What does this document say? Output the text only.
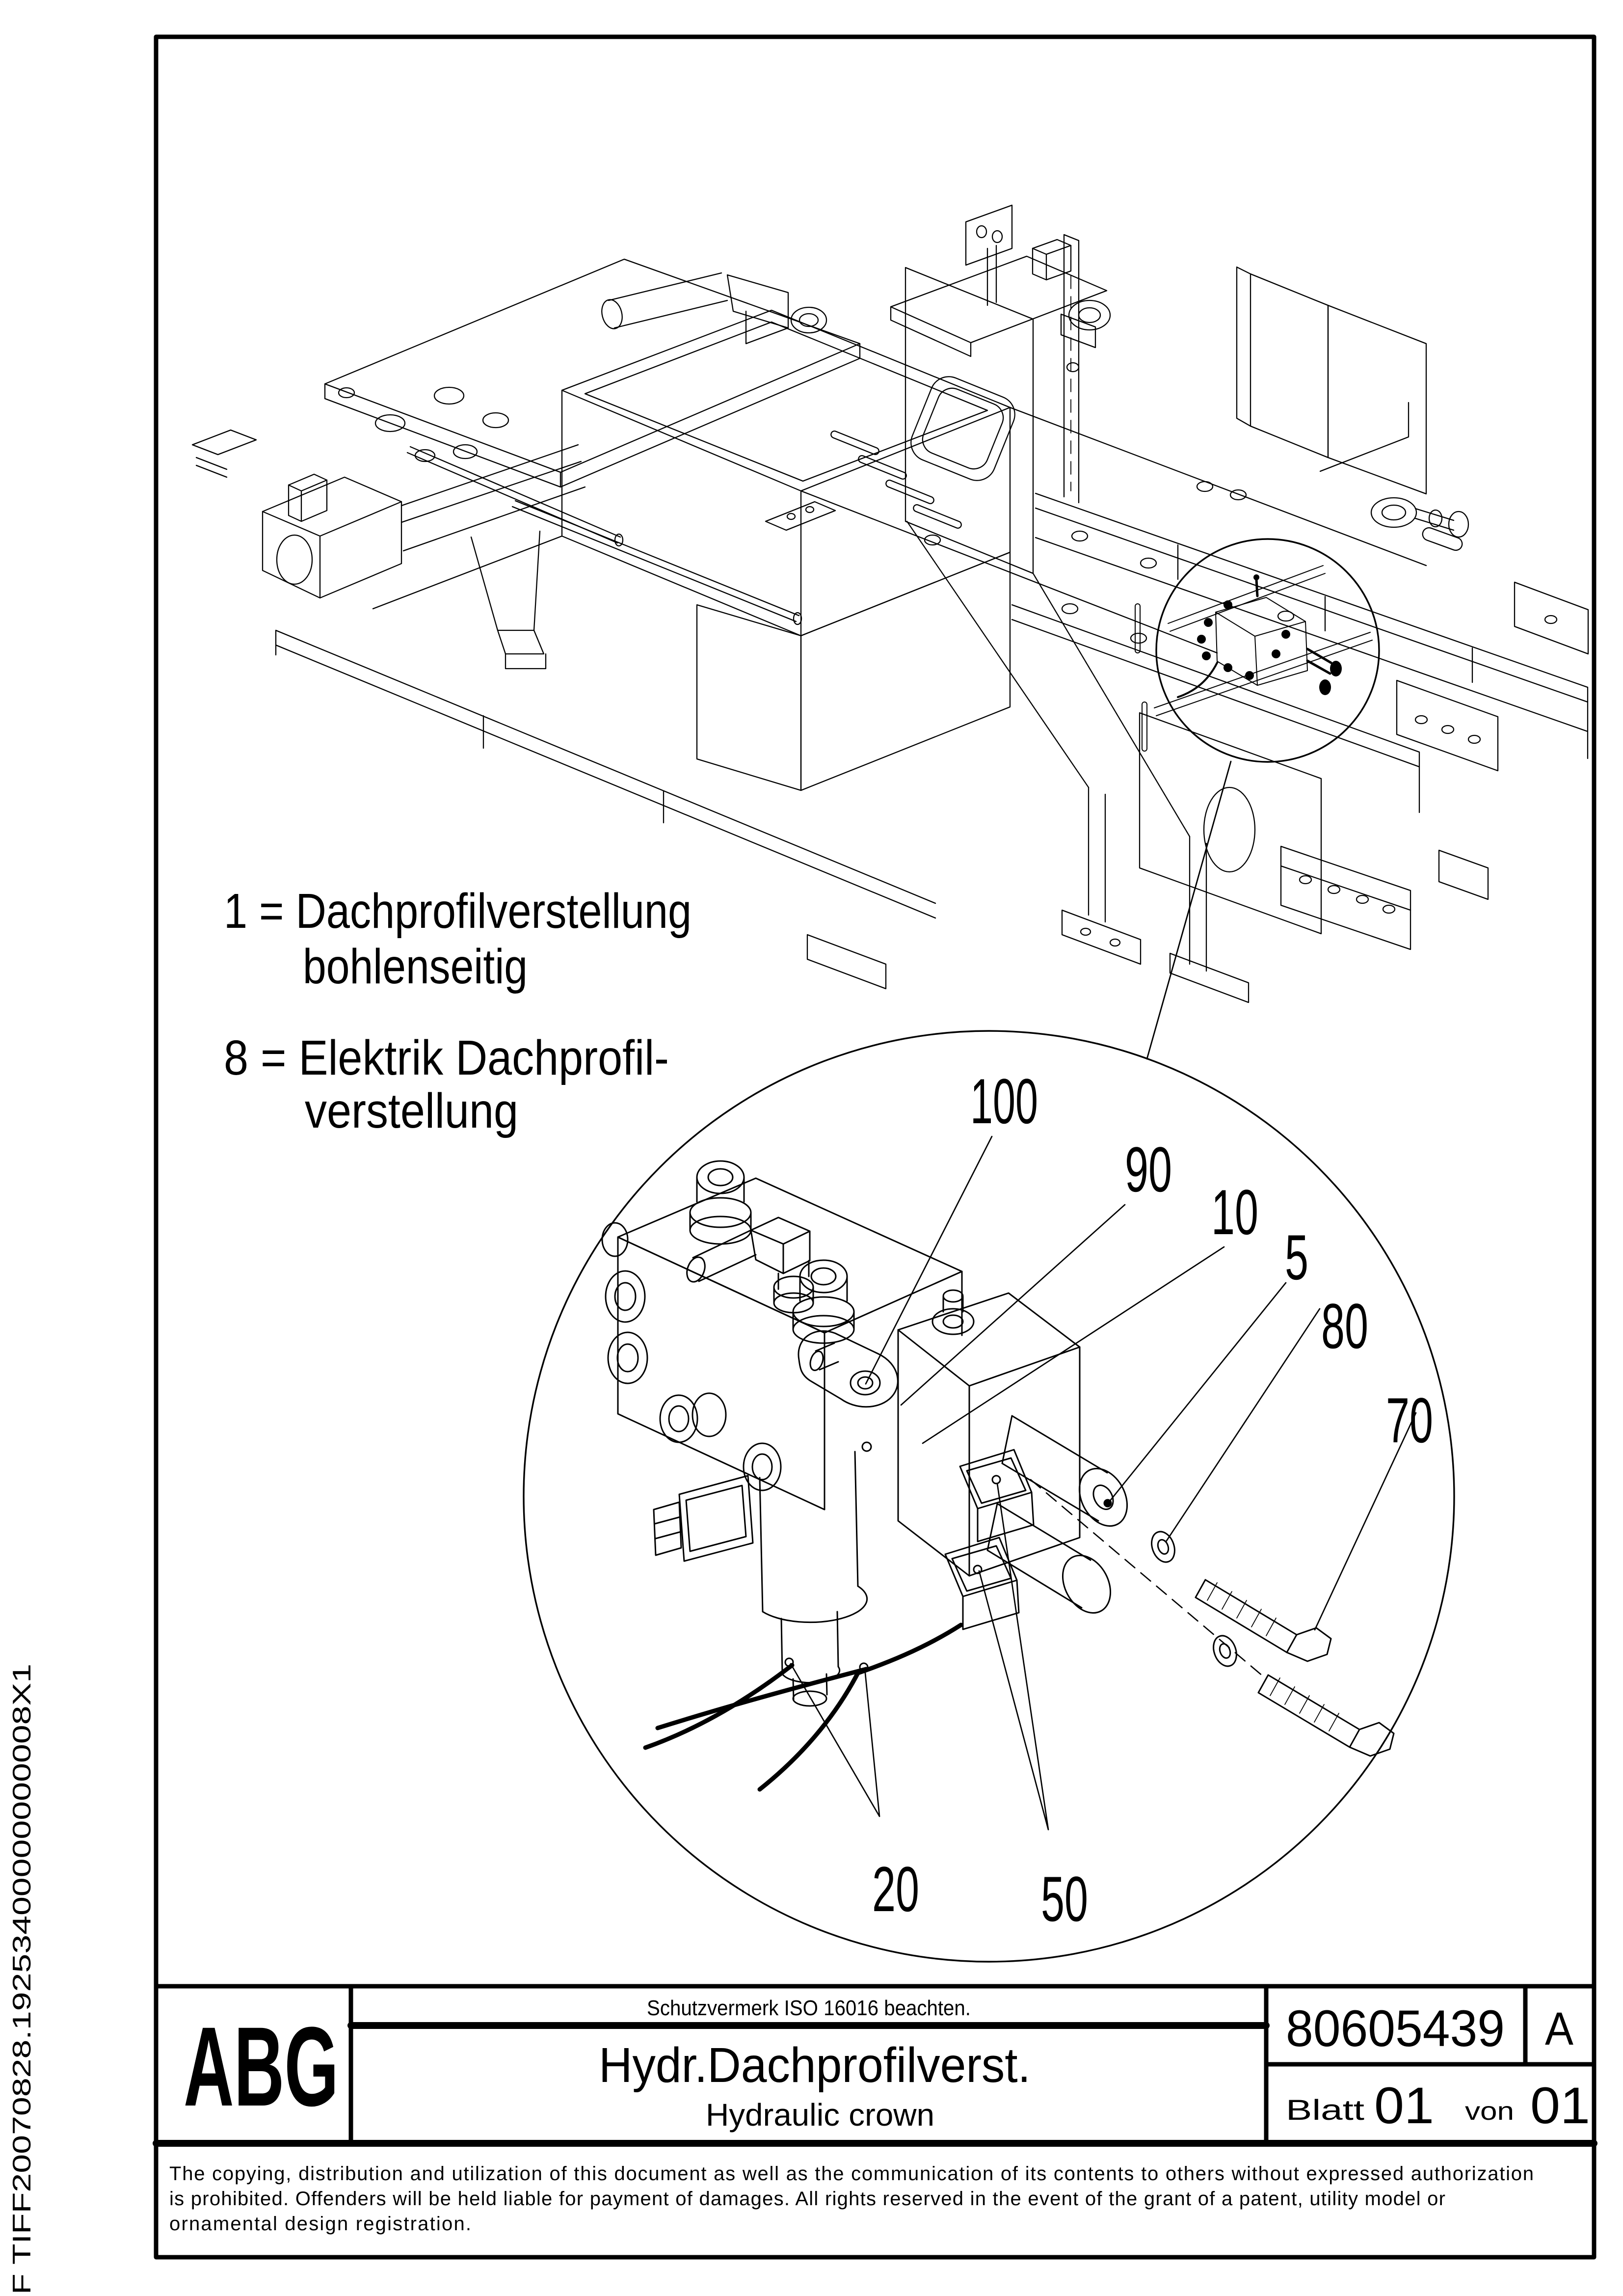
100
90
10
5
80
70
20 50
1 = Dachprofilverstellung
bohlenseitig
8 = Elektrik Dachprofil-
verstellung
ABG	Schutzvermerk ISO 16016 beachten.
Hydr.Dachprofilverst.
Hydraulic crown
80605439 A
Blatt 01 von 01
The copying, distribution and utilization of this document as well as the communication of its contents to others without expressed authorization
is prohibited. Offenders will be held liable for payment of damages. All rights reserved in the event of the grant of a patent, utility model or
ornamental design registration.
F TIFF20070828.19253400000000008X1
